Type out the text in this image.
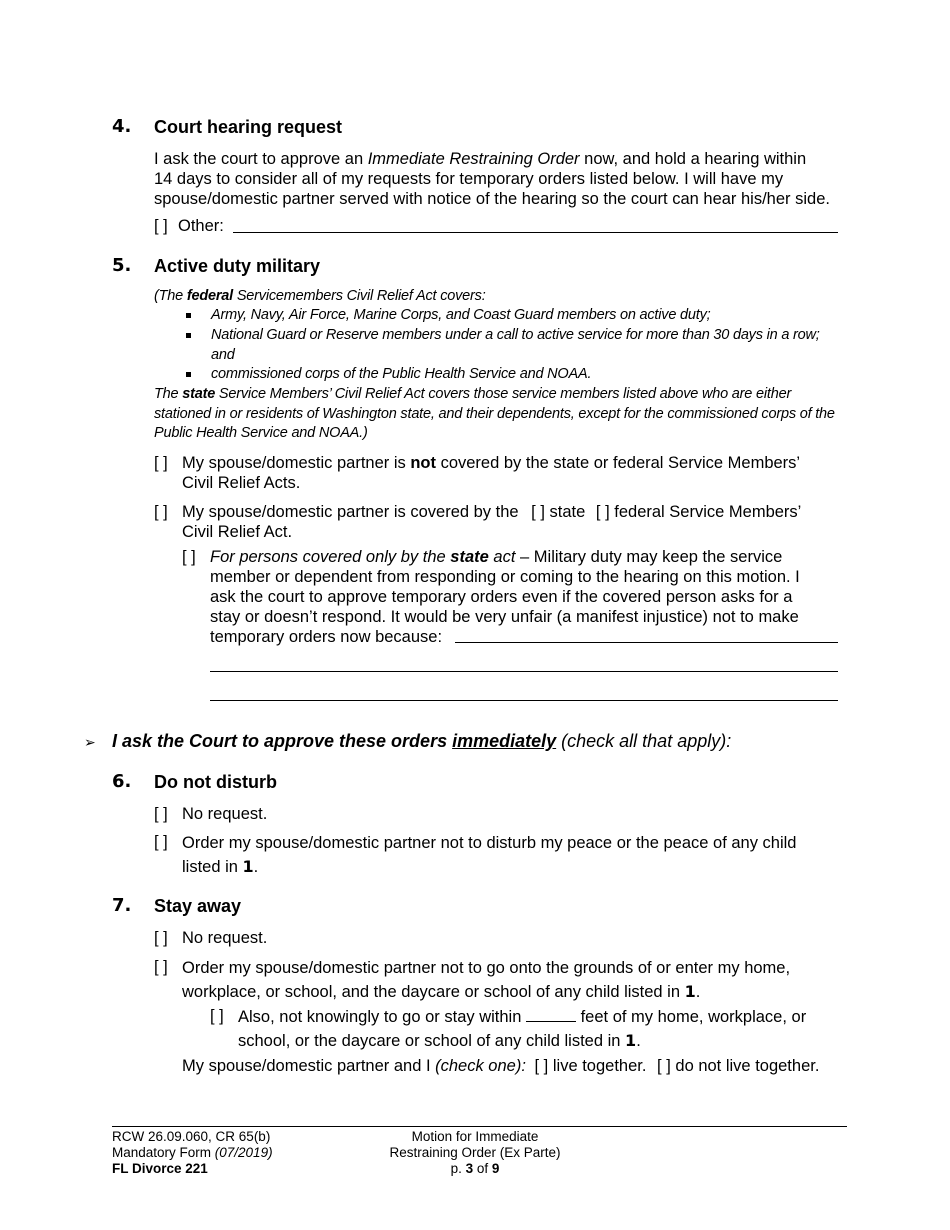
4. Court hearing request
I ask the court to approve an Immediate Restraining Order now, and hold a hearing within
14 days to consider all of my requests for temporary orders listed below. I will have my
spouse/domestic partner served with notice of the hearing so the court can hear his/her side.
[ ] Other:
5. Active duty military
(The federal Servicemembers Civil Relief Act covers:
Army, Navy, Air Force, Marine Corps, and Coast Guard members on active duty;
National Guard or Reserve members under a call to active service for more than 30 days in a row;
and
commissioned corps of the Public Health Service and NOAA.
The state Service Members’ Civil Relief Act covers those service members listed above who are either
stationed in or residents of Washington state, and their dependents, except for the commissioned corps of the
Public Health Service and NOAA.)
[ ] My spouse/domestic partner is not covered by the state or federal Service Members’
Civil Relief Acts.
[ ] My spouse/domestic partner is covered by the [ ] state [ ] federal Service Members’
Civil Relief Act.
[ ] For persons covered only by the state act – Military duty may keep the service
member or dependent from responding or coming to the hearing on this motion. I
ask the court to approve temporary orders even if the covered person asks for a
stay or doesn’t respond. It would be very unfair (a manifest injustice) not to make
temporary orders now because:
➢ I ask the Court to approve these orders immediately (check all that apply):
6. Do not disturb
[ ] No request.
[ ] Order my spouse/domestic partner not to disturb my peace or the peace of any child
listed in 1.
7. Stay away
[ ] No request.
[ ] Order my spouse/domestic partner not to go onto the grounds of or enter my home,
workplace, or school, and the daycare or school of any child listed in 1.
[ ] Also, not knowingly to go or stay within	feet of my home, workplace, or
school, or the daycare or school of any child listed in 1.
My spouse/domestic partner and I (check one): [ ] live together. [ ] do not live together.
RCW 26.09.060, CR 65(b)
Mandatory Form (07/2019)
FL Divorce 221
Motion for Immediate
Restraining Order (Ex Parte)
p. 3 of 9
